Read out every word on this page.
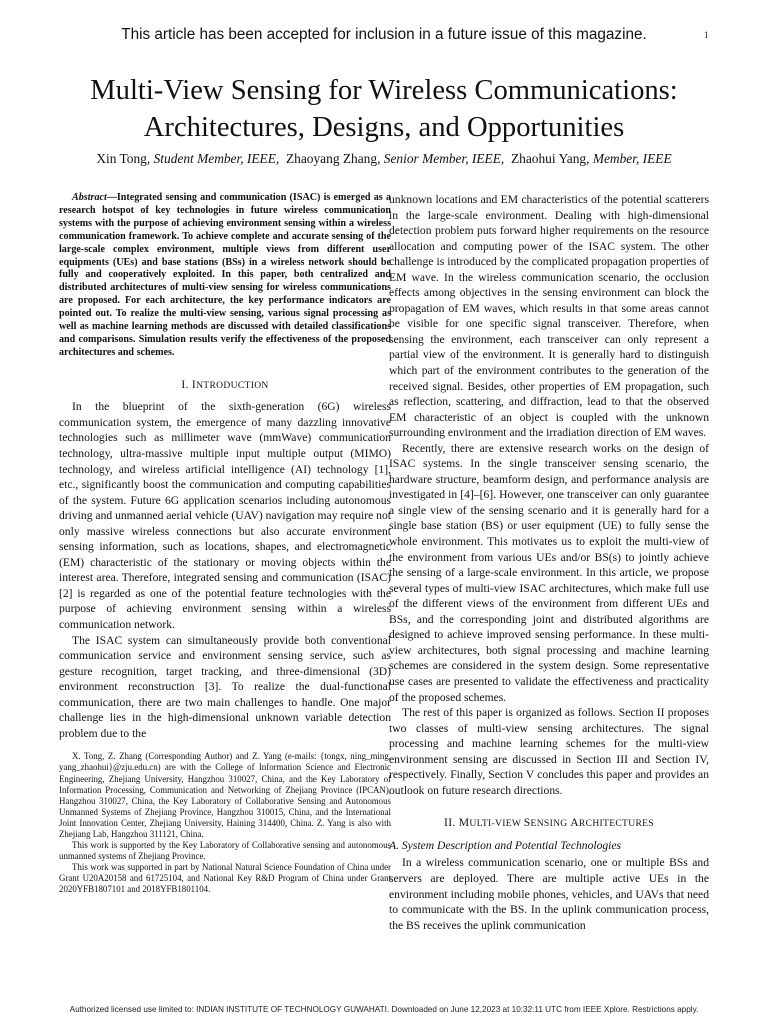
This article has been accepted for inclusion in a future issue of this magazine.	1
Multi-View Sensing for Wireless Communications:
Architectures, Designs, and Opportunities
Xin Tong, Student Member, IEEE, Zhaoyang Zhang, Senior Member, IEEE, Zhaohui Yang, Member, IEEE

Abstract—Integrated sensing and communication (ISAC) is emerged as a research hotspot of key technologies in future wireless communication systems with the purpose of achieving environment sensing within a wireless communication framework. To achieve complete and accurate sensing of the large-scale complex environment, multiple views from different user equipments (UEs) and base stations (BSs) in a wireless network should be fully and cooperatively exploited. In this paper, both centralized and distributed architectures of multi-view sensing for wireless communications are proposed. For each architecture, the key performance indicators are pointed out. To realize the multi-view sensing, various signal processing as well as machine learning methods are discussed with detailed classifications and comparisons. Simulation results verify the effectiveness of the proposed architectures and schemes.

I. INTRODUCTION

In the blueprint of the sixth-generation (6G) wireless communication system, the emergence of many dazzling innovative technologies such as millimeter wave (mmWave) communication technology, ultra-massive multiple input multiple output (MIMO) technology, and wireless artificial intelligence (AI) technology [1], etc., significantly boost the communication and computing capabilities of the system. Future 6G application scenarios including autonomous driving and unmanned aerial vehicle (UAV) navigation may require not only massive wireless connections but also accurate environment sensing information, such as locations, shapes, and electromagnetic (EM) characteristic of the stationary or moving objects within the interest area. Therefore, integrated sensing and communication (ISAC) [2] is regarded as one of the potential feature technologies with the purpose of achieving environment sensing within a wireless communication network.

The ISAC system can simultaneously provide both conventional communication service and environment sensing service, such as gesture recognition, target tracking, and three-dimensional (3D) environment reconstruction [3]. To realize the dual-functional communication, there are two main challenges to handle. One major challenge lies in the high-dimensional unknown variable detection problem due to the

X. Tong, Z. Zhang (Corresponding Author) and Z. Yang (e-mails: {tongx, ning_ming, yang_zhaohui}@zju.edu.cn) are with the College of Information Science and Electronic Engineering, Zhejiang University, Hangzhou 310027, China, and the Key Laboratory of Information Processing, Communication and Networking of Zhejiang Province (IPCAN), Hangzhou 310027, China, the Key Laboratory of Collaborative Sensing and Autonomous Unmanned Systems of Zhejiang Province, Hangzhou 310015, China, and the International Joint Innovation Center, Zhejiang University, Haining 314400, China. Z. Yang is also with Zhejiang Lab, Hangzhou 311121, China.

This work is supported by the Key Laboratory of Collaborative sensing and autonomous unmanned systems of Zhejiang Province.

This work was supported in part by National Natural Science Foundation of China under Grant U20A20158 and 61725104, and National Key R&D Program of China under Grant 2020YFB1807101 and 2018YFB1801104.

unknown locations and EM characteristics of the potential scatterers in the large-scale environment. Dealing with high-dimensional detection problem puts forward higher requirements on the resource allocation and computing power of the ISAC system. The other challenge is introduced by the complicated propagation properties of EM wave. In the wireless communication scenario, the occlusion effects among objectives in the sensing environment can block the propagation of EM waves, which results in that some areas cannot be visible for one specific signal transceiver. Therefore, when sensing the environment, each transceiver can only represent a partial view of the environment. It is generally hard to distinguish which part of the environment contributes to the generation of the received signal. Besides, other properties of EM propagation, such as reflection, scattering, and diffraction, lead to that the observed EM characteristic of an object is coupled with the unknown surrounding environment and the irradiation direction of EM waves.

Recently, there are extensive research works on the design of ISAC systems. In the single transceiver sensing scenario, the hardware structure, beamform design, and performance analysis are investigated in [4]–[6]. However, one transceiver can only guarantee a single view of the sensing scenario and it is generally hard for a single base station (BS) or user equipment (UE) to fully sense the whole environment. This motivates us to exploit the multi-view of the environment from various UEs and/or BS(s) to jointly achieve the sensing of a large-scale environment. In this article, we propose several types of multi-view ISAC architectures, which make full use of the different views of the environment from different UEs and BSs, and the corresponding joint and distributed algorithms are designed to achieve improved sensing performance. In these multi-view architectures, both signal processing and machine learning schemes are considered in the system design. Some representative use cases are presented to validate the effectiveness and practicality of the proposed schemes.

The rest of this paper is organized as follows. Section II proposes two classes of multi-view sensing architectures. The signal processing and machine learning schemes for the multi-view environment sensing are discussed in Section III and Section IV, respectively. Finally, Section V concludes this paper and provides an outlook on future research directions.

II. MULTI-VIEW SENSING ARCHITECTURES

A. System Description and Potential Technologies

In a wireless communication scenario, one or multiple BSs and servers are deployed. There are multiple active UEs in the environment including mobile phones, vehicles, and UAVs that need to communicate with the BS. In the uplink communication process, the BS receives the uplink communication

Authorized licensed use limited to: INDIAN INSTITUTE OF TECHNOLOGY GUWAHATI. Downloaded on June 12,2023 at 10:32:11 UTC from IEEE Xplore. Restrictions apply.
